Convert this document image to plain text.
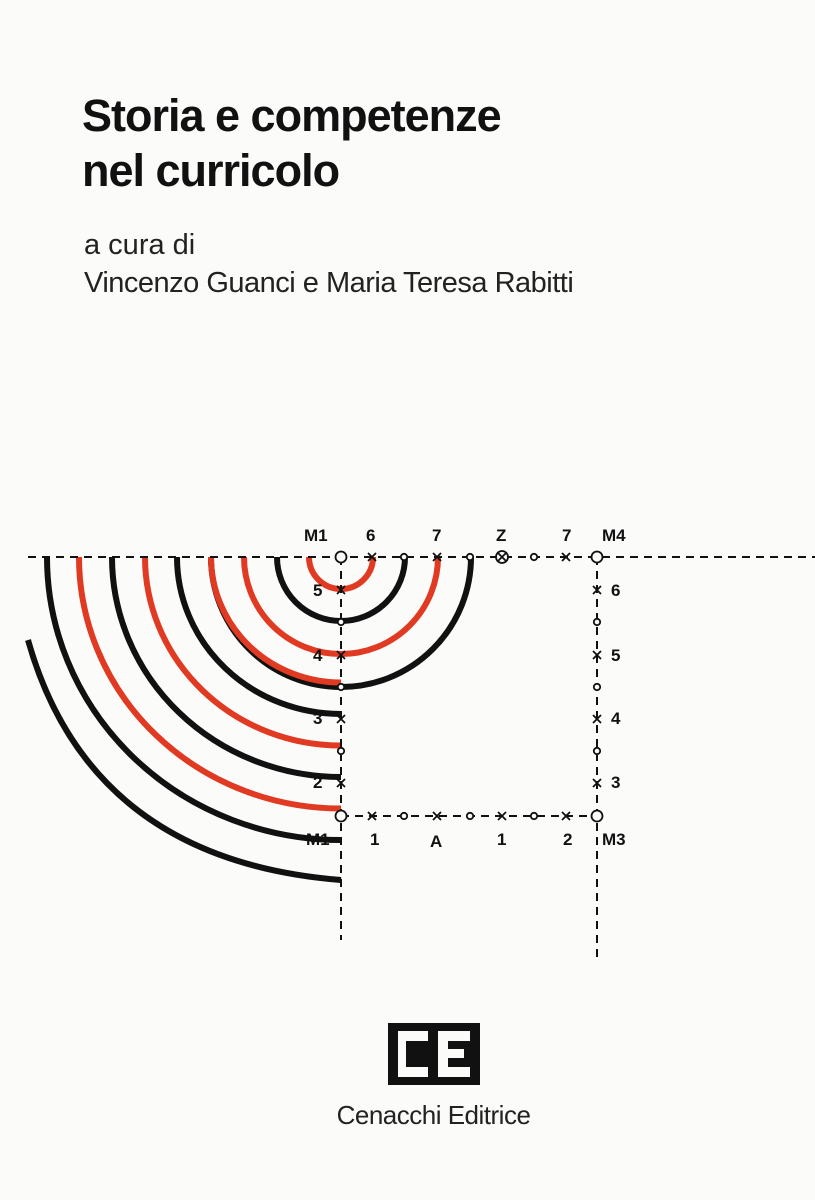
Storia e competenze
nel curricolo
a cura di
Vincenzo Guanci e Maria Teresa Rabitti
M1 6	7	Z	7 M4
M1 1	A	1	2 M3
5
4
3
2
6
5
4
3
Cenacchi Editrice
